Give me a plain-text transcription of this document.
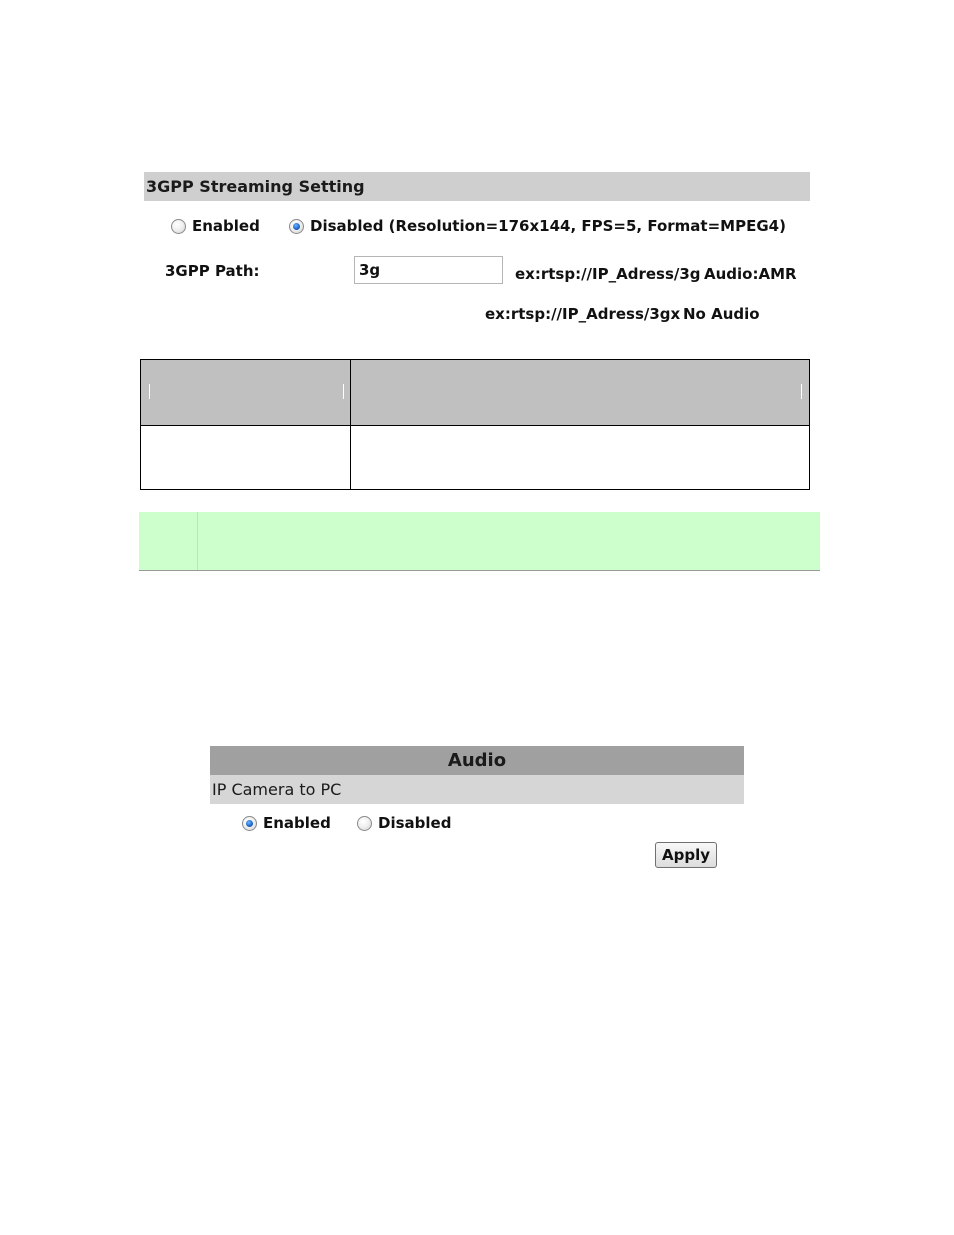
3GPP Streaming Setting
Enabled	Disabled (Resolution=176x144, FPS=5, Format=MPEG4)
3GPP Path:
3g	ex:rtsp://IP_Adress/3g Audio:AMR
ex:rtsp://IP_Adress/3gx No Audio
Audio
IP Camera to PC
Enabled	Disabled
Apply
